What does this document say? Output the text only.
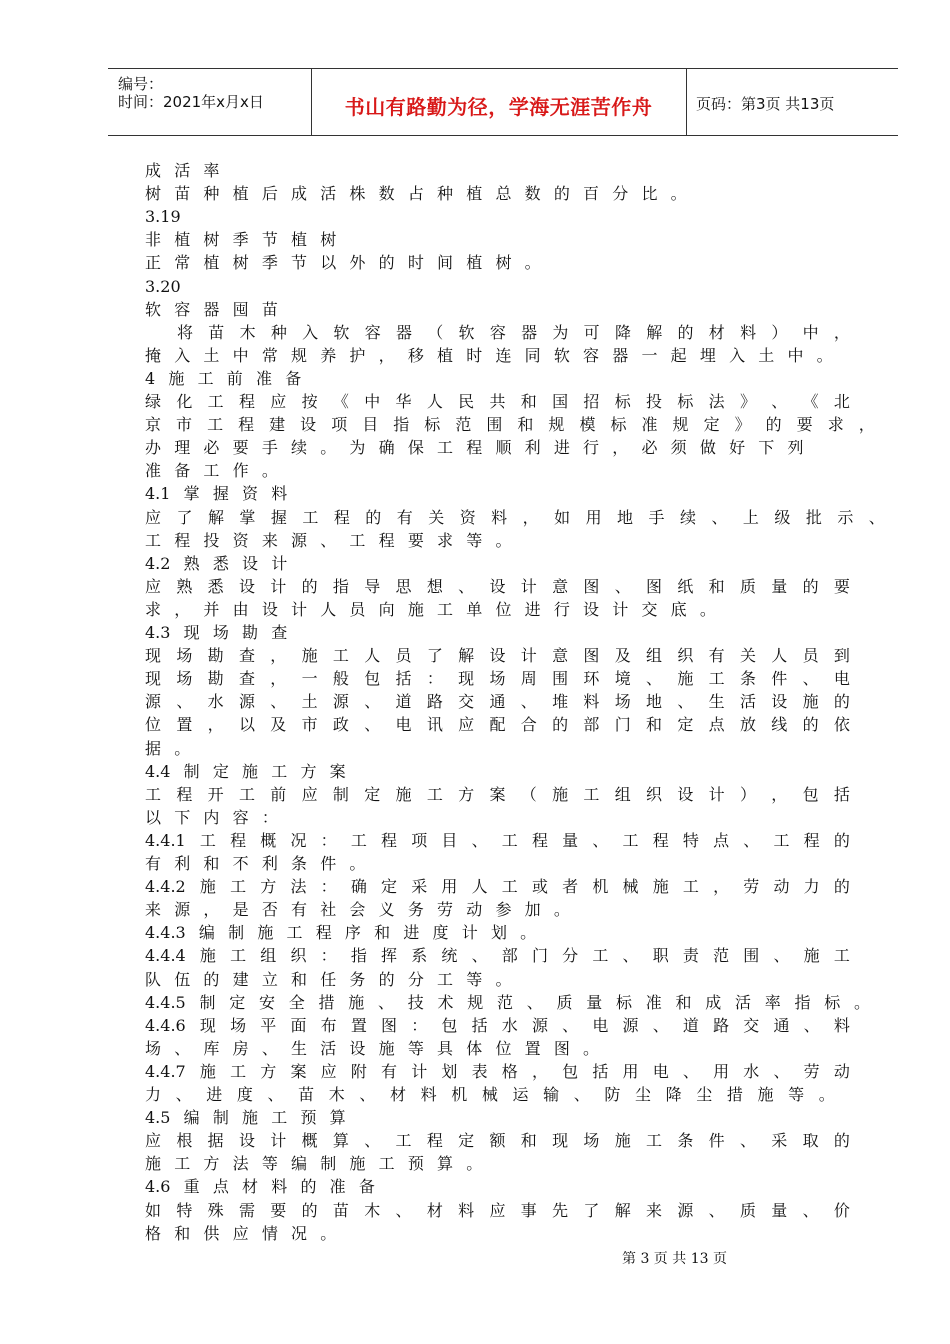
编号：
时间：2021年x月x日	书山有路勤为径，学海无涯苦作舟	页码：第3页 共13页
成 活 率
树 苗 种 植 后 成 活 株 数 占 种 植 总 数 的 百 分 比 。
3.19
非 植 树 季 节 植 树
正 常 植 树 季 节 以 外 的 时 间 植 树 。
3.20
软 容 器 囤 苗
将 苗 木 种 入 软 容 器 （ 软 容 器 为 可 降 解 的 材 料 ） 中 ，
掩 入 土 中 常 规 养 护 ， 移 植 时 连 同 软 容 器 一 起 埋 入 土 中 。
4 施 工 前 准 备
绿 化 工 程 应 按 《 中 华 人 民 共 和 国 招 标 投 标 法 》 、 《 北
京 市 工 程 建 设 项 目 指 标 范 围 和 规 模 标 准 规 定 》 的 要 求 ，
办 理 必 要 手 续 。 为 确 保 工 程 顺 利 进 行 ， 必 须 做 好 下 列
准 备 工 作 。
4.1 掌 握 资 料
应 了 解 掌 握 工 程 的 有 关 资 料 ， 如 用 地 手 续 、 上 级 批 示 、
工 程 投 资 来 源 、 工 程 要 求 等 。
4.2 熟 悉 设 计
应 熟 悉 设 计 的 指 导 思 想 、 设 计 意 图 、 图 纸 和 质 量 的 要
求 ， 并 由 设 计 人 员 向 施 工 单 位 进 行 设 计 交 底 。
4.3 现 场 勘 查
现 场 勘 查 ， 施 工 人 员 了 解 设 计 意 图 及 组 织 有 关 人 员 到
现 场 勘 查 ， 一 般 包 括 ： 现 场 周 围 环 境 、 施 工 条 件 、 电
源 、 水 源 、 土 源 、 道 路 交 通 、 堆 料 场 地 、 生 活 设 施 的
位 置 ， 以 及 市 政 、 电 讯 应 配 合 的 部 门 和 定 点 放 线 的 依
据 。
4.4 制 定 施 工 方 案
工 程 开 工 前 应 制 定 施 工 方 案 （ 施 工 组 织 设 计 ） ， 包 括
以 下 内 容 ：
4.4.1 工 程 概 况 ： 工 程 项 目 、 工 程 量 、 工 程 特 点 、 工 程 的
有 利 和 不 利 条 件 。
4.4.2 施 工 方 法 ： 确 定 采 用 人 工 或 者 机 械 施 工 ， 劳 动 力 的
来 源 ， 是 否 有 社 会 义 务 劳 动 参 加 。
4.4.3 编 制 施 工 程 序 和 进 度 计 划 。
4.4.4 施 工 组 织 ： 指 挥 系 统 、 部 门 分 工 、 职 责 范 围 、 施 工
队 伍 的 建 立 和 任 务 的 分 工 等 。
4.4.5 制 定 安 全 措 施 、 技 术 规 范 、 质 量 标 准 和 成 活 率 指 标 。
4.4.6 现 场 平 面 布 置 图 ： 包 括 水 源 、 电 源 、 道 路 交 通 、 料
场 、 库 房 、 生 活 设 施 等 具 体 位 置 图 。
4.4.7 施 工 方 案 应 附 有 计 划 表 格 ， 包 括 用 电 、 用 水 、 劳 动
力 、 进 度 、 苗 木 、 材 料 机 械 运 输 、 防 尘 降 尘 措 施 等 。
4.5 编 制 施 工 预 算
应 根 据 设 计 概 算 、 工 程 定 额 和 现 场 施 工 条 件 、 采 取 的
施 工 方 法 等 编 制 施 工 预 算 。
4.6 重 点 材 料 的 准 备
如 特 殊 需 要 的 苗 木 、 材 料 应 事 先 了 解 来 源 、 质 量 、 价
格 和 供 应 情 况 。
第 3 页 共 13 页
